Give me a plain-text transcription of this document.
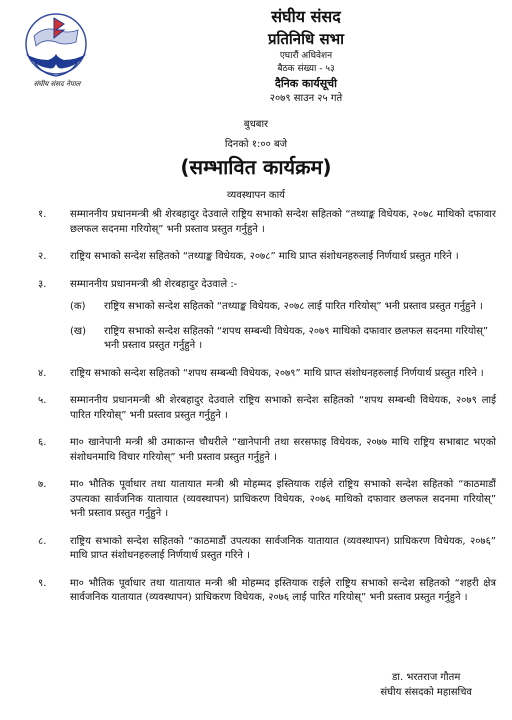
संघीय संसद नेपाल
संघीय संसद
प्रतिनिधि सभा
एघारौं अधिवेशन
बैठक संख्या - ५३
दैनिक कार्यसूची
२०७९ साउन २५ गते
बुधबार
दिनको १:०० बजे
(सम्भावित कार्यक्रम)
व्यवस्थापन कार्य
१. सम्माननीय प्रधानमन्त्री श्री शेरबहादुर देउवाले राष्ट्रिय सभाको सन्देश सहितको “तथ्याङ्क विधेयक, २०७८ माथिको दफावार छलफल सदनमा गरियोस्” भनी प्रस्ताव प्रस्तुत गर्नुहुने ।
२. राष्ट्रिय सभाको सन्देश सहितको “तथ्याङ्क विधेयक, २०७८” माथि प्राप्त संशोधनहरुलाई निर्णयार्थ प्रस्तुत गरिने ।
३. सम्माननीय प्रधानमन्त्री श्री शेरबहादुर देउवाले :-
(क) राष्ट्रिय सभाको सन्देश सहितको “तथ्याङ्क विधेयक, २०७८ लाई पारित गरियोस्” भनी प्रस्ताव प्रस्तुत गर्नुहुने ।
(ख) राष्ट्रिय सभाको सन्देश सहितको “शपथ सम्बन्धी विधेयक, २०७९ माथिको दफावार छलफल सदनमा गरियोस्” भनी प्रस्ताव प्रस्तुत गर्नुहुने ।
४. राष्ट्रिय सभाको सन्देश सहितको “शपथ सम्बन्धी विधेयक, २०७९” माथि प्राप्त संशोधनहरुलाई निर्णयार्थ प्रस्तुत गरिने ।
५. सम्माननीय प्रधानमन्त्री श्री शेरबहादुर देउवाले राष्ट्रिय सभाको सन्देश सहितको “शपथ सम्बन्धी विधेयक, २०७९ लाई पारित गरियोस्” भनी प्रस्ताव प्रस्तुत गर्नुहुने ।
६. मा० खानेपानी मन्त्री श्री उमाकान्त चौधरीले “खानेपानी तथा सरसफाइ विधेयक, २०७७ माथि राष्ट्रिय सभाबाट भएको संशोधनमाथि विचार गरियोस्” भनी प्रस्ताव प्रस्तुत गर्नुहुने ।
७. मा० भौतिक पूर्वाधार तथा यातायात मन्त्री श्री मोहम्मद इस्तियाक राईले राष्ट्रिय सभाको सन्देश सहितको “काठमाडौं उपत्यका सार्वजनिक यातायात (व्यवस्थापन) प्राधिकरण विधेयक, २०७६ माथिको दफावार छलफल सदनमा गरियोस्” भनी प्रस्ताव प्रस्तुत गर्नुहुने ।
८. राष्ट्रिय सभाको सन्देश सहितको “काठमाडौं उपत्यका सार्वजनिक यातायात (व्यवस्थापन) प्राधिकरण विधेयक, २०७६” माथि प्राप्त संशोधनहरुलाई निर्णयार्थ प्रस्तुत गरिने ।
९. मा० भौतिक पूर्वाधार तथा यातायात मन्त्री श्री मोहम्मद इस्तियाक राईले राष्ट्रिय सभाको सन्देश सहितको “शहरी क्षेत्र सार्वजनिक यातायात (व्यवस्थापन) प्राधिकरण विधेयक, २०७६ लाई पारित गरियोस्” भनी प्रस्ताव प्रस्तुत गर्नुहुने ।
डा. भरतराज गौतम
संघीय संसदको महासचिव
